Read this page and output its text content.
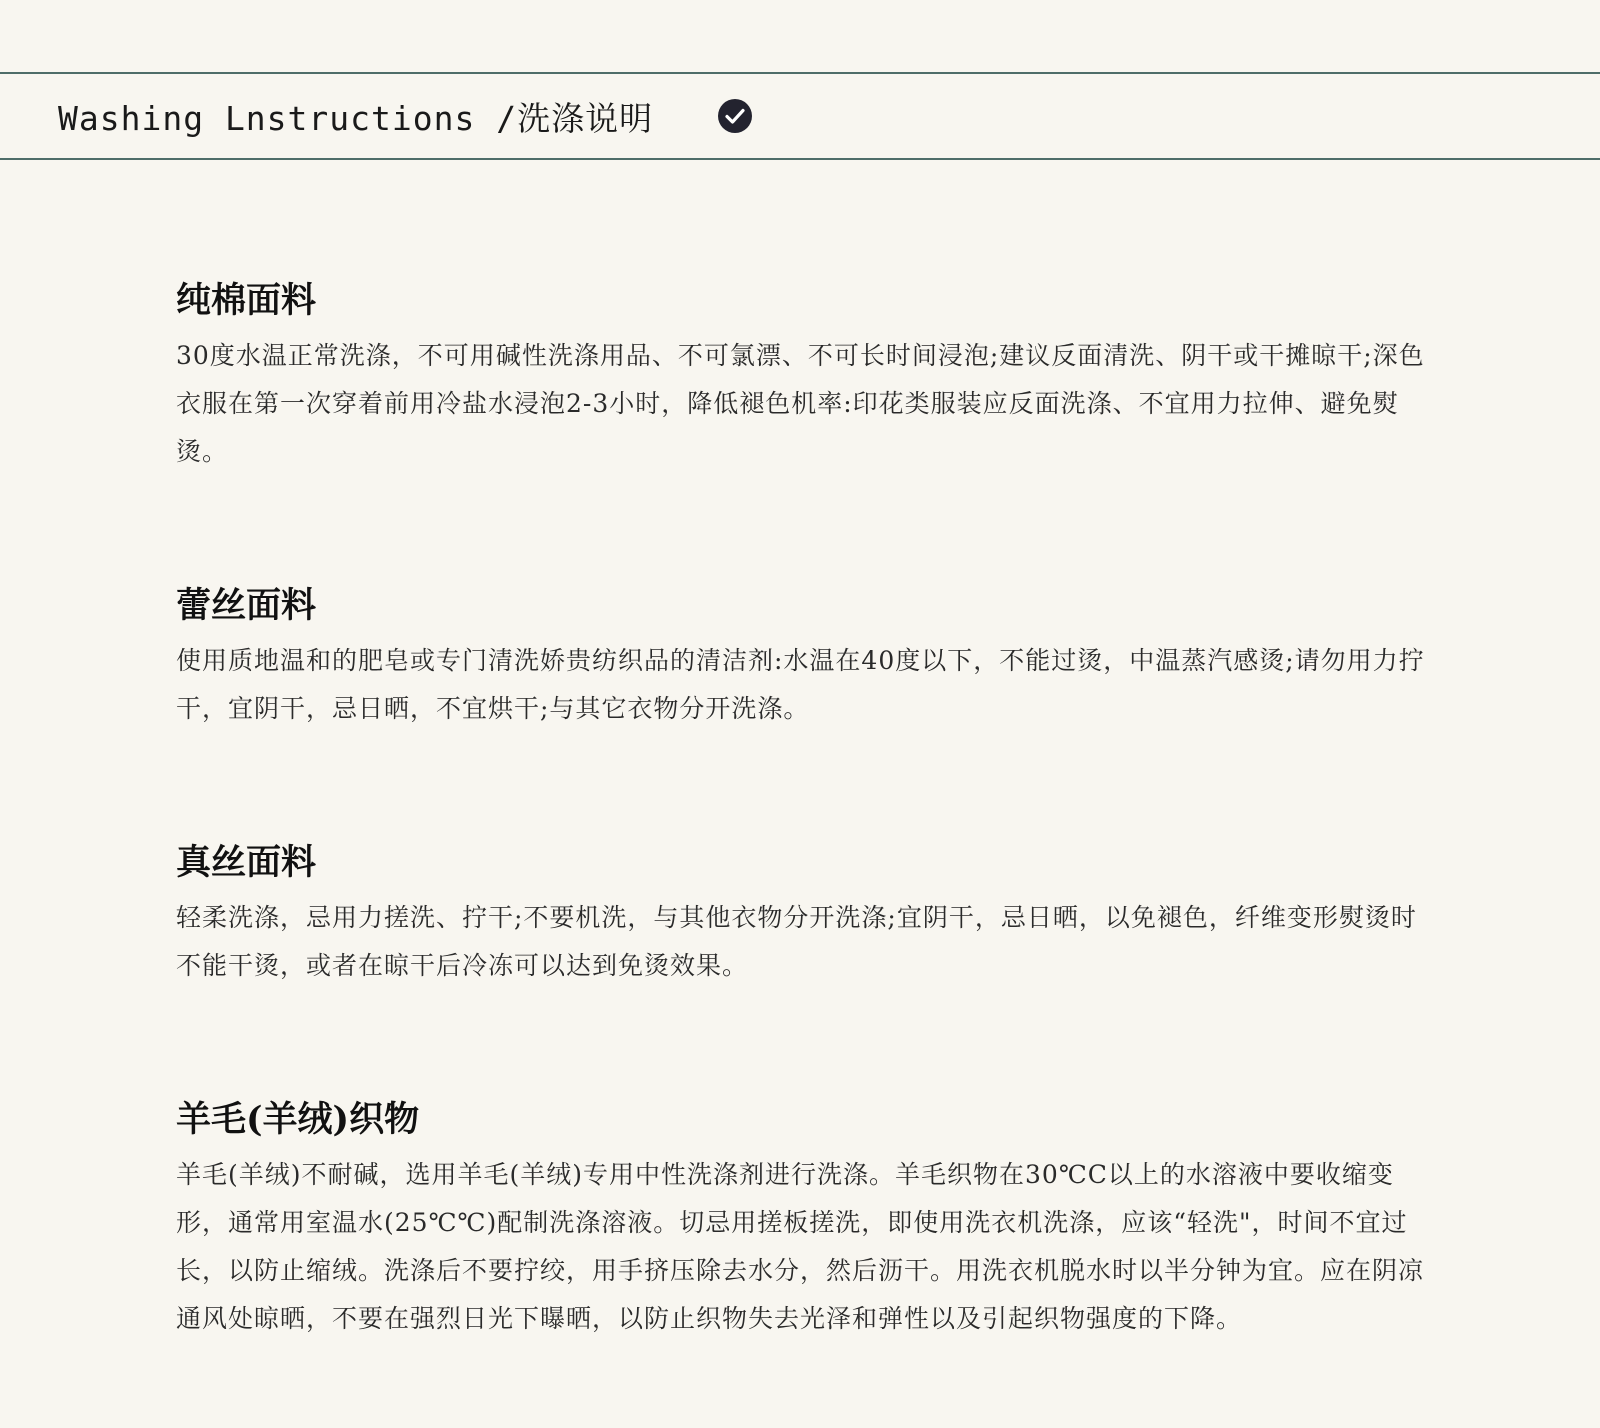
Washing Lnstructions /洗涤说明
纯棉面料

30度水温正常洗涤，不可用碱性洗涤用品、不可氯漂、不可长时间浸泡;建议反面清洗、阴干或干摊晾干;深色衣服在第一次穿着前用冷盐水浸泡2-3小时，降低褪色机率:印花类服装应反面洗涤、不宜用力拉伸、避免熨烫。

蕾丝面料

使用质地温和的肥皂或专门清洗娇贵纺织品的清洁剂:水温在40度以下，不能过烫，中温蒸汽感烫;请勿用力拧干，宜阴干，忌日晒，不宜烘干;与其它衣物分开洗涤。

真丝面料

轻柔洗涤，忌用力搓洗、拧干;不要机洗，与其他衣物分开洗涤;宜阴干，忌日晒，以免褪色，纤维变形熨烫时不能干烫，或者在晾干后冷冻可以达到免烫效果。

羊毛(羊绒)织物

羊毛(羊绒)不耐碱，选用羊毛(羊绒)专用中性洗涤剂进行洗涤。羊毛织物在30℃C以上的水溶液中要收缩变形，通常用室温水(25℃℃)配制洗涤溶液。切忌用搓板搓洗，即使用洗衣机洗涤，应该“轻洗"，时间不宜过长，以防止缩绒。洗涤后不要拧绞，用手挤压除去水分，然后沥干。用洗衣机脱水时以半分钟为宜。应在阴凉通风处晾晒，不要在强烈日光下曝晒，以防止织物失去光泽和弹性以及引起织物强度的下降。
